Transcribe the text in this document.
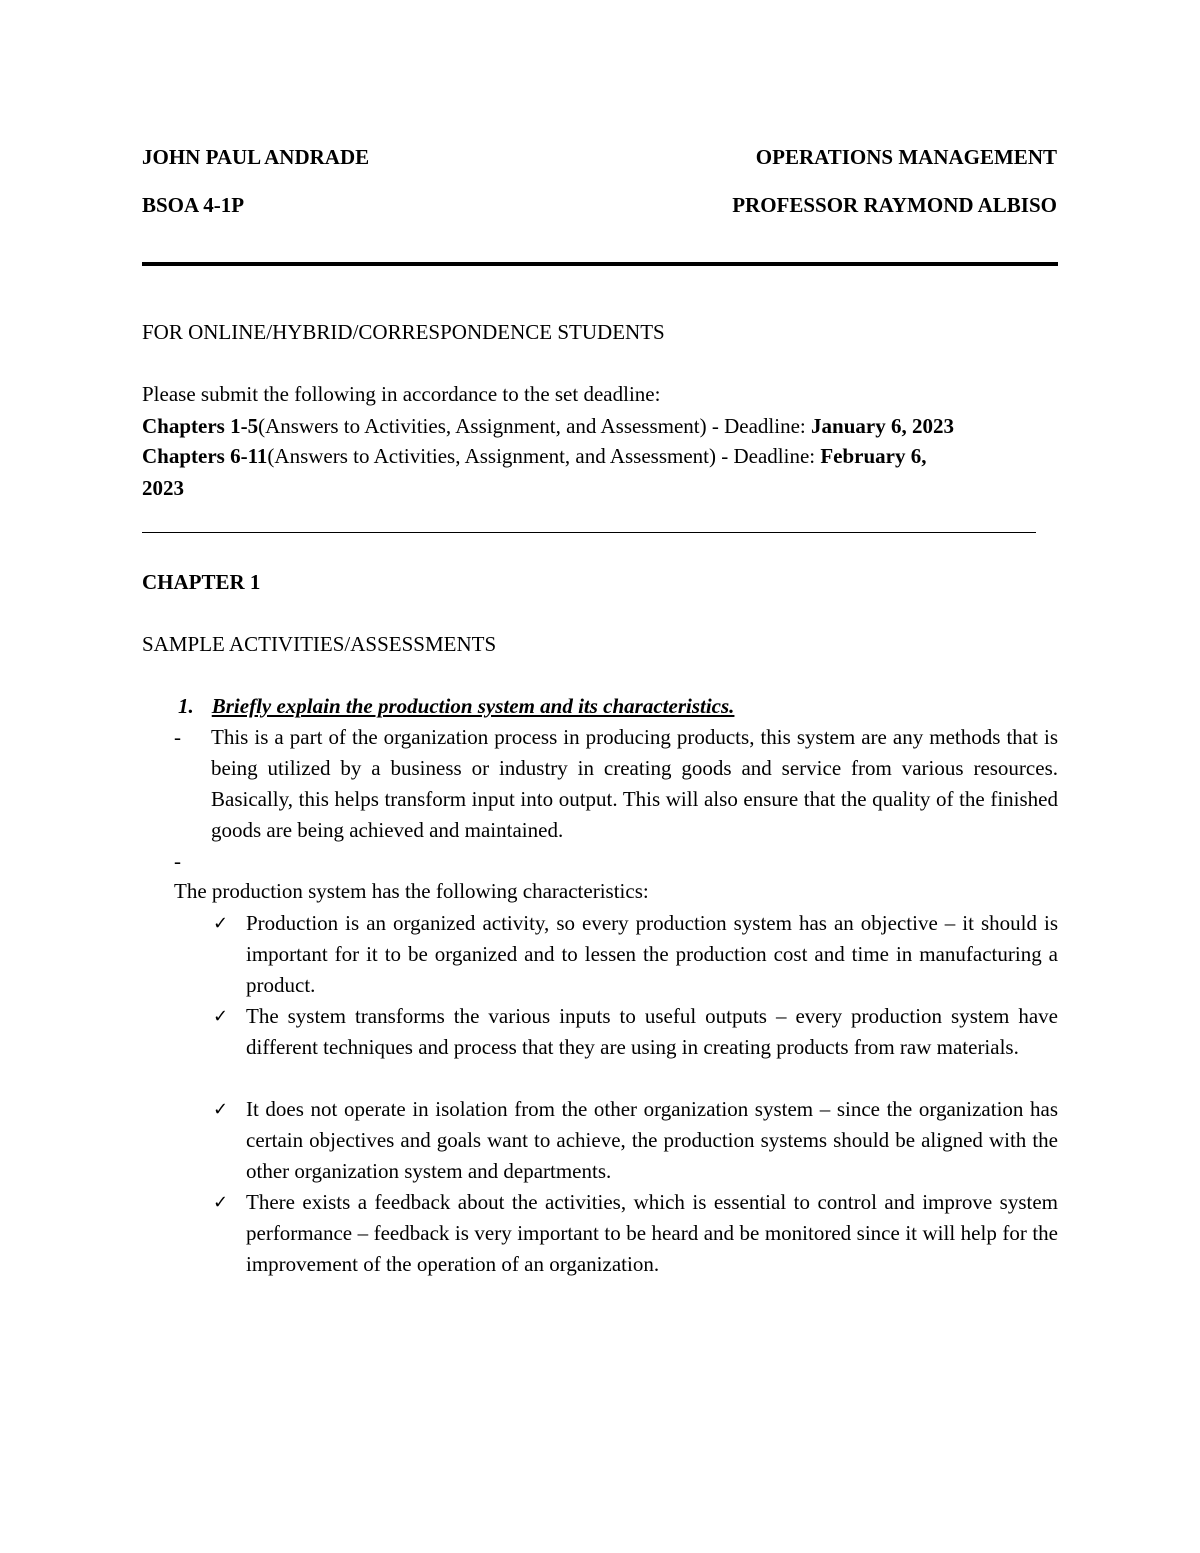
JOHN PAUL ANDRADE	OPERATIONS MANAGEMENT
BSOA 4-1P	PROFESSOR RAYMOND ALBISO
FOR ONLINE/HYBRID/CORRESPONDENCE STUDENTS
Please submit the following in accordance to the set deadline:
Chapters 1-5(Answers to Activities, Assignment, and Assessment) - Deadline: January 6, 2023
Chapters 6-11(Answers to Activities, Assignment, and Assessment) - Deadline: February 6,
2023
CHAPTER 1
SAMPLE ACTIVITIES/ASSESSMENTS
1. Briefly explain the production system and its characteristics.
- This is a part of the organization process in producing products, this system are any methods that is being utilized by a business or industry in creating goods and service from various resources. Basically, this helps transform input into output. This will also ensure that the quality of the finished goods are being achieved and maintained.
-
The production system has the following characteristics:
✓ Production is an organized activity, so every production system has an objective – it should is important for it to be organized and to lessen the production cost and time in manufacturing a product.
✓ The system transforms the various inputs to useful outputs – every production system have different techniques and process that they are using in creating products from raw materials.
✓ It does not operate in isolation from the other organization system – since the organization has certain objectives and goals want to achieve, the production systems should be aligned with the other organization system and departments.
✓ There exists a feedback about the activities, which is essential to control and improve system performance – feedback is very important to be heard and be monitored since it will help for the improvement of the operation of an organization.
